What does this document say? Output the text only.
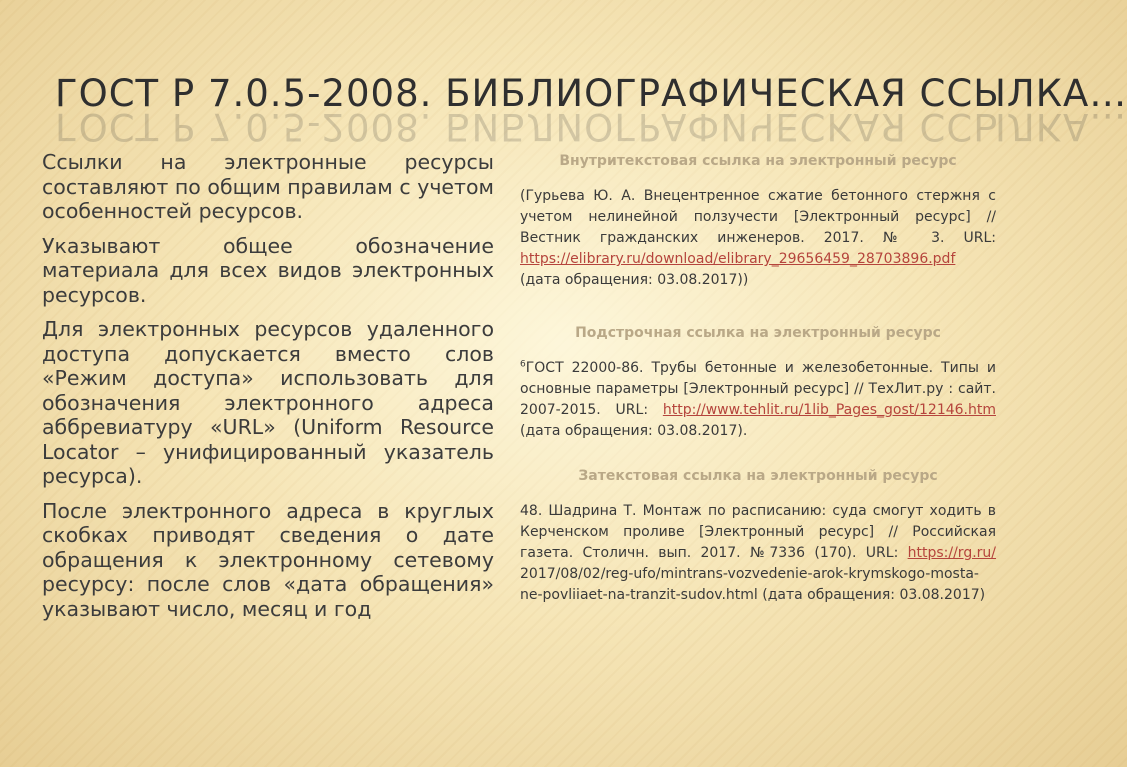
ГОСТ Р 7.0.5-2008. БИБЛИОГРАФИЧЕСКАЯ ССЫЛКА…
ГОСТ Р 7.0.5-2008. БИБЛИОГРАФИЧЕСКАЯ ССЫЛКА…

Ссылки на электронные ресурсы составляют по общим правилам с учетом особенностей ресурсов.

Указывают общее обозначение материала для всех видов электронных ресурсов.

Для электронных ресурсов удаленного доступа допускается вместо слов «Режим доступа» использовать для обозначения электронного адреса аббревиатуру «URL» (Uniform Resource Locator – унифицированный указатель ресурса).

После электронного адреса в круглых скобках приводят сведения о дате обращения к электронному сетевому ресурсу: после слов «дата обращения» указывают число, месяц и год

Внутритекстовая ссылка на электронный ресурс

(Гурьева Ю. А. Внецентренное сжатие бетонного стержня с учетом нелинейной ползучести [Электронный ресурс] // Вестник гражданских инженеров. 2017. № 3. URL: https://elibrary.ru/download/elibrary_29656459_28703896.pdf (дата обращения: 03.08.2017))

Подстрочная ссылка на электронный ресурс

$^6$ГОСТ 22000-86. Трубы бетонные и железобетонные. Типы и основные параметры [Электронный ресурс] // ТехЛит.ру : сайт. 2007-2015. URL: http://www.tehlit.ru/1lib_Pages_gost/12146.htm (дата обращения: 03.08.2017).

Затекстовая ссылка на электронный ресурс

48. Шадрина Т. Монтаж по расписанию: суда смогут ходить в Керченском проливе [Электронный ресурс] // Российская газета. Столичн. вып. 2017. №7336 (170). URL: https://rg.ru/ 2017/08/02/reg-ufo/mintrans-vozvedenie-arok-krymskogo-mosta-ne-povliiaet-na-tranzit-sudov.html (дата обращения: 03.08.2017)
